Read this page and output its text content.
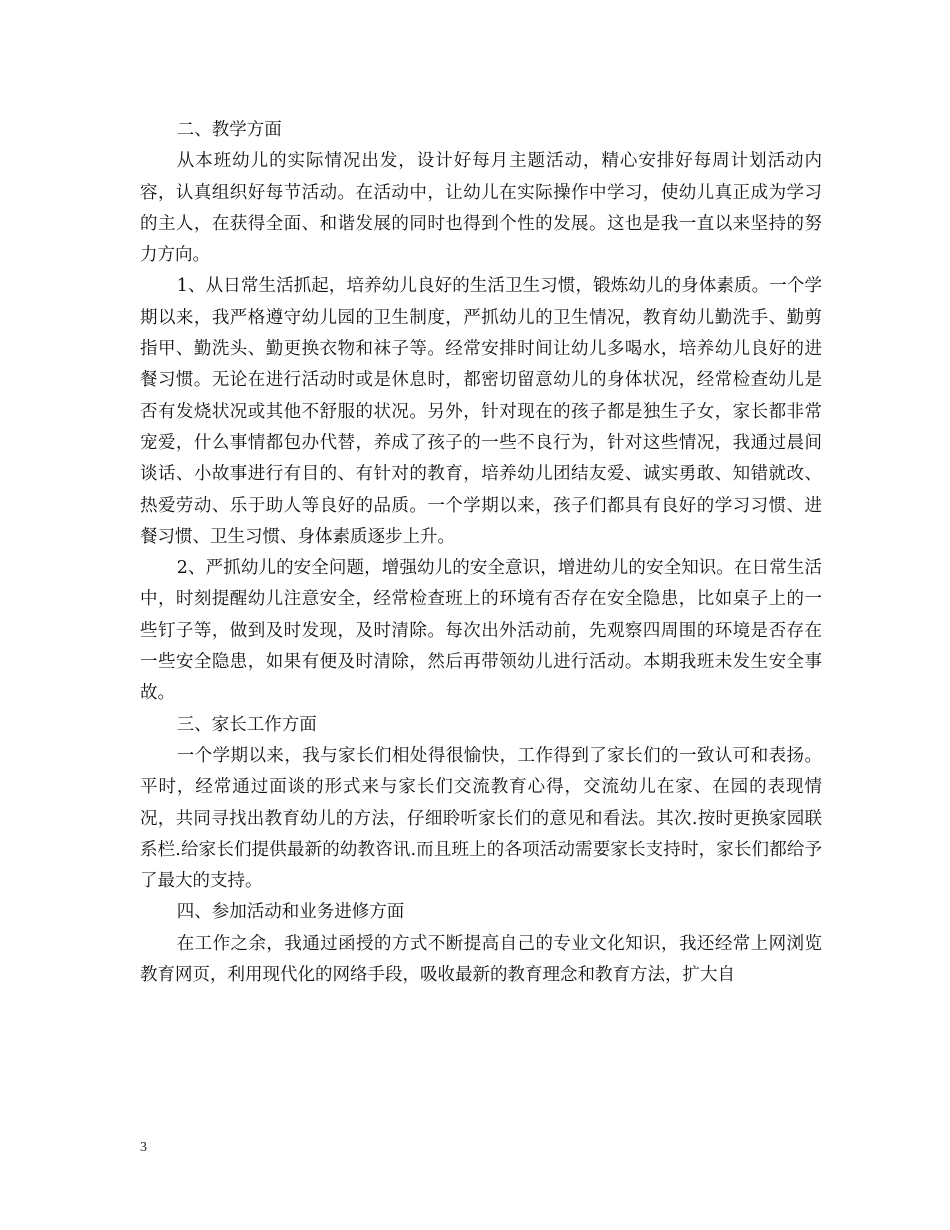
二、教学方面

从本班幼儿的实际情况出发，设计好每月主题活动，精心安排好每周计划活动内容，认真组织好每节活动。在活动中，让幼儿在实际操作中学习，使幼儿真正成为学习的主人，在获得全面、和谐发展的同时也得到个性的发展。这也是我一直以来坚持的努力方向。

1、从日常生活抓起，培养幼儿良好的生活卫生习惯，锻炼幼儿的身体素质。一个学期以来，我严格遵守幼儿园的卫生制度，严抓幼儿的卫生情况，教育幼儿勤洗手、勤剪指甲、勤洗头、勤更换衣物和袜子等。经常安排时间让幼儿多喝水，培养幼儿良好的进餐习惯。无论在进行活动时或是休息时，都密切留意幼儿的身体状况，经常检查幼儿是否有发烧状况或其他不舒服的状况。另外，针对现在的孩子都是独生子女，家长都非常宠爱，什么事情都包办代替，养成了孩子的一些不良行为，针对这些情况，我通过晨间谈话、小故事进行有目的、有针对的教育，培养幼儿团结友爱、诚实勇敢、知错就改、热爱劳动、乐于助人等良好的品质。一个学期以来，孩子们都具有良好的学习习惯、进餐习惯、卫生习惯、身体素质逐步上升。

2、严抓幼儿的安全问题，增强幼儿的安全意识，增进幼儿的安全知识。在日常生活中，时刻提醒幼儿注意安全，经常检查班上的环境有否存在安全隐患，比如桌子上的一些钉子等，做到及时发现，及时清除。每次出外活动前，先观察四周围的环境是否存在一些安全隐患，如果有便及时清除，然后再带领幼儿进行活动。本期我班未发生安全事故。

三、家长工作方面

一个学期以来，我与家长们相处得很愉快，工作得到了家长们的一致认可和表扬。平时，经常通过面谈的形式来与家长们交流教育心得，交流幼儿在家、在园的表现情况，共同寻找出教育幼儿的方法，仔细聆听家长们的意见和看法。其次.按时更换家园联系栏.给家长们提供最新的幼教咨讯.而且班上的各项活动需要家长支持时，家长们都给予了最大的支持。

四、参加活动和业务进修方面

在工作之余，我通过函授的方式不断提高自己的专业文化知识，我还经常上网浏览教育网页，利用现代化的网络手段，吸收最新的教育理念和教育方法，扩大自

3
